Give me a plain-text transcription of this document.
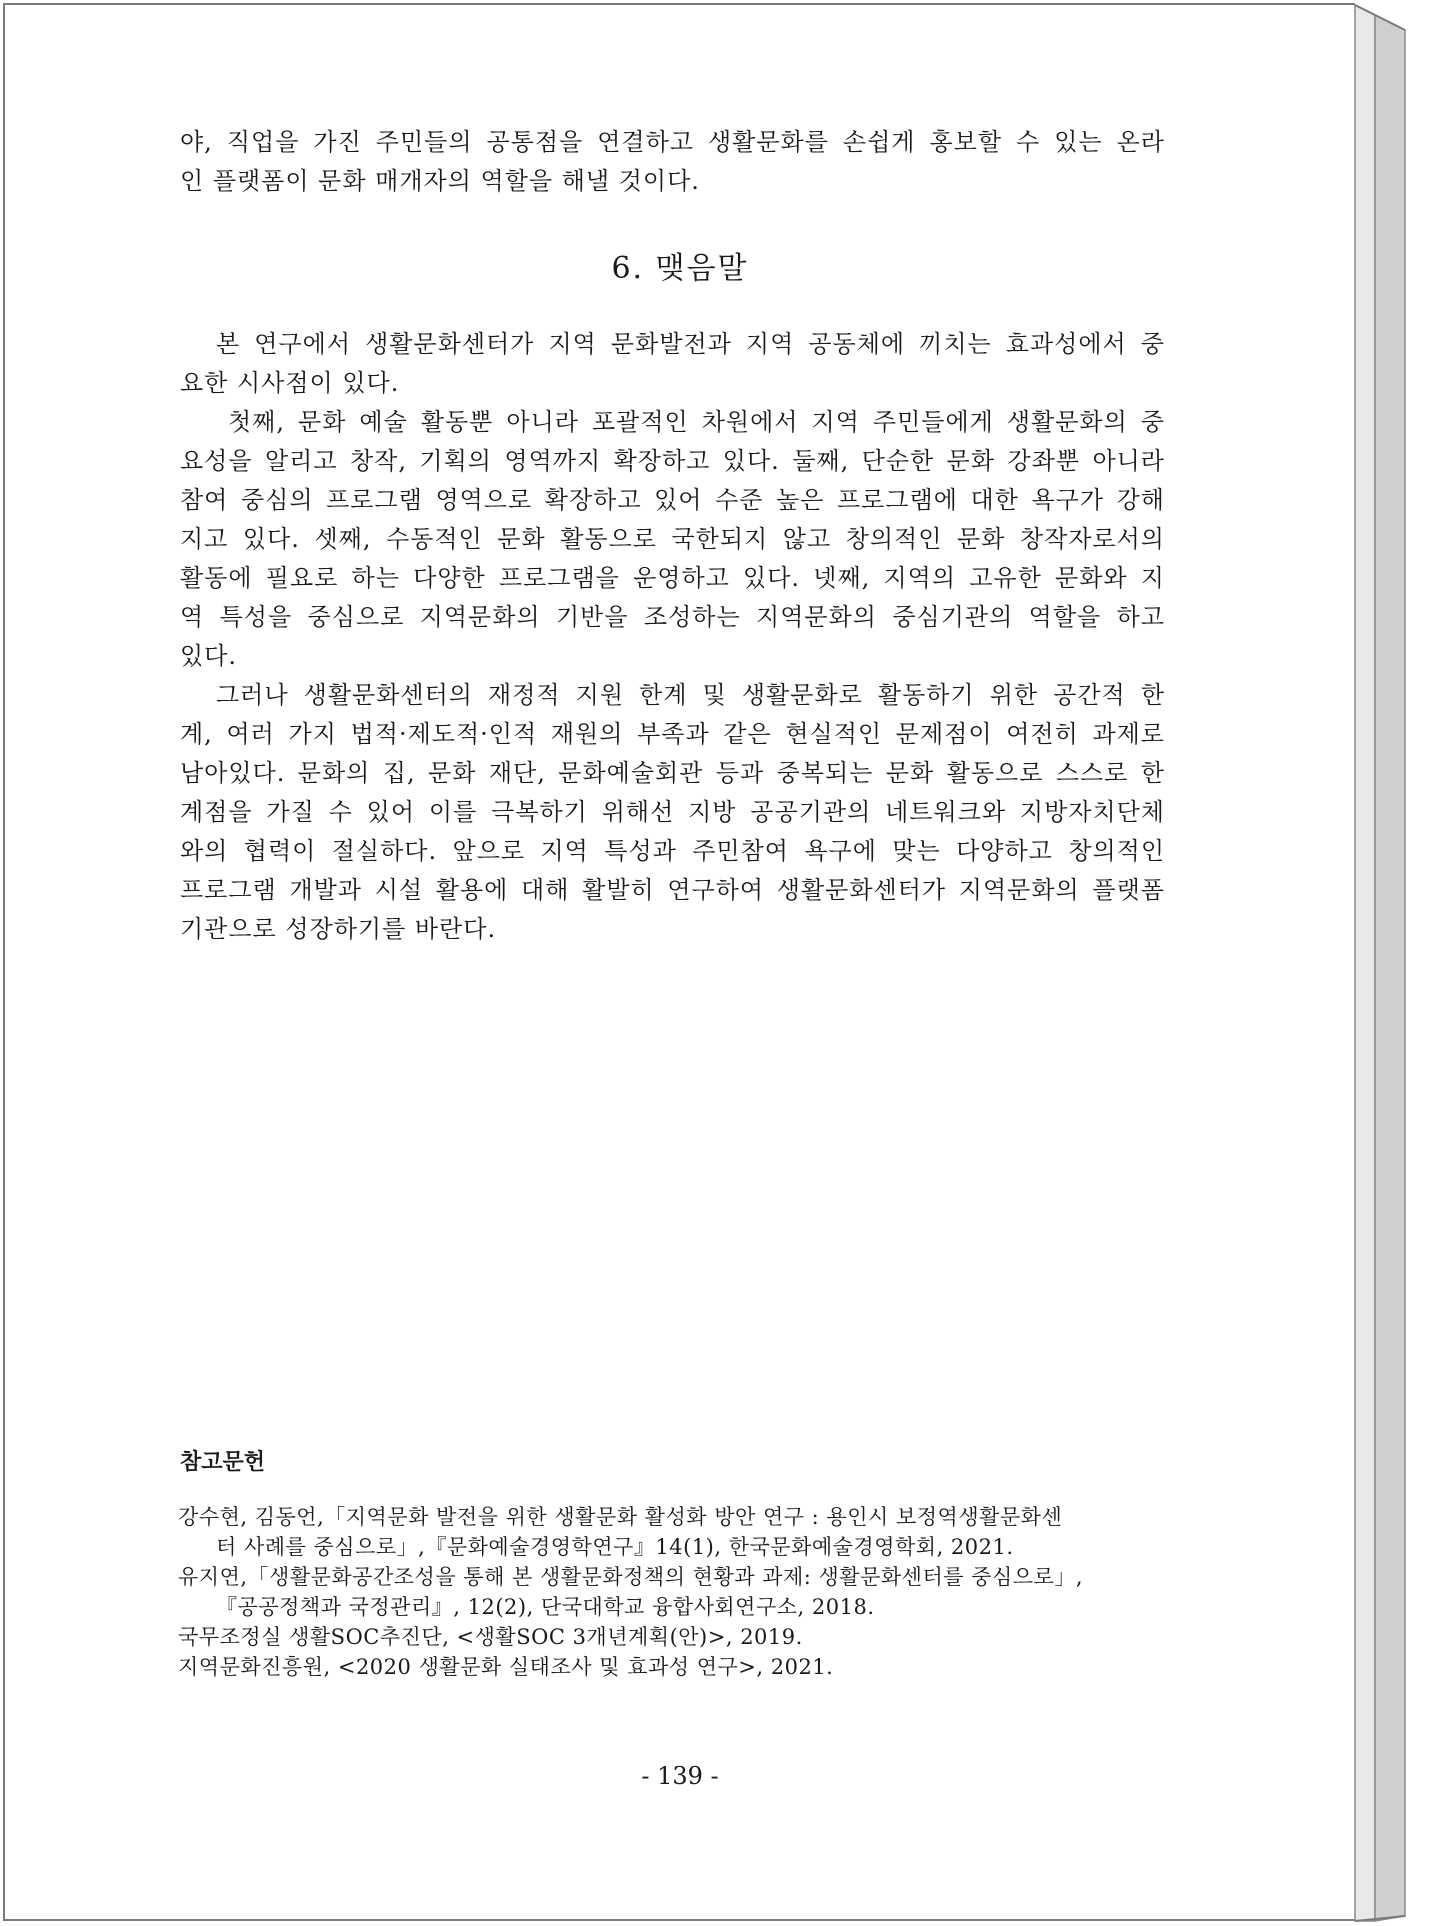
야, 직업을 가진 주민들의 공통점을 연결하고 생활문화를 손쉽게 홍보할 수 있는 온라
인 플랫폼이 문화 매개자의 역할을 해낼 것이다.
6. 맺음말
본 연구에서 생활문화센터가 지역 문화발전과 지역 공동체에 끼치는 효과성에서 중
요한 시사점이 있다.
첫째, 문화 예술 활동뿐 아니라 포괄적인 차원에서 지역 주민들에게 생활문화의 중
요성을 알리고 창작, 기획의 영역까지 확장하고 있다. 둘째, 단순한 문화 강좌뿐 아니라
참여 중심의 프로그램 영역으로 확장하고 있어 수준 높은 프로그램에 대한 욕구가 강해
지고 있다. 셋째, 수동적인 문화 활동으로 국한되지 않고 창의적인 문화 창작자로서의
활동에 필요로 하는 다양한 프로그램을 운영하고 있다. 넷째, 지역의 고유한 문화와 지
역 특성을 중심으로 지역문화의 기반을 조성하는 지역문화의 중심기관의 역할을 하고
있다.
그러나 생활문화센터의 재정적 지원 한계 및 생활문화로 활동하기 위한 공간적 한
계, 여러 가지 법적·제도적·인적 재원의 부족과 같은 현실적인 문제점이 여전히 과제로
남아있다. 문화의 집, 문화 재단, 문화예술회관 등과 중복되는 문화 활동으로 스스로 한
계점을 가질 수 있어 이를 극복하기 위해선 지방 공공기관의 네트워크와 지방자치단체
와의 협력이 절실하다. 앞으로 지역 특성과 주민참여 욕구에 맞는 다양하고 창의적인
프로그램 개발과 시설 활용에 대해 활발히 연구하여 생활문화센터가 지역문화의 플랫폼
기관으로 성장하기를 바란다.
참고문헌
강수현, 김동언,「지역문화 발전을 위한 생활문화 활성화 방안 연구 : 용인시 보정역생활문화센
터 사례를 중심으로」,『문화예술경영학연구』14(1), 한국문화예술경영학회, 2021.
유지연,「생활문화공간조성을 통해 본 생활문화정책의 현황과 과제: 생활문화센터를 중심으로」,
『공공정책과 국정관리』, 12(2), 단국대학교 융합사회연구소, 2018.
국무조정실 생활SOC추진단, <생활SOC 3개년계획(안)>, 2019.
지역문화진흥원, <2020 생활문화 실태조사 및 효과성 연구>, 2021.
- 139 -
